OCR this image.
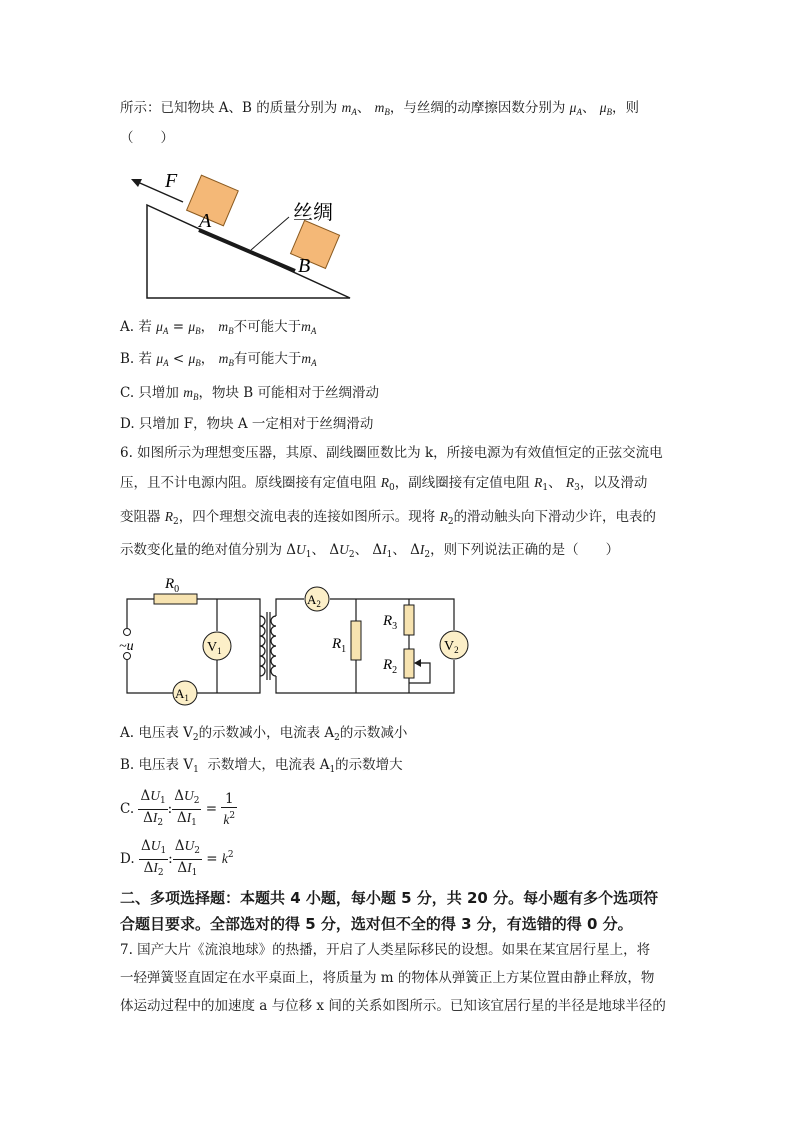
所示：已知物块 A、B 的质量分别为 $m_A$、 $m_B$，与丝绸的动摩擦因数分别为 $\mu_A$、 $\mu_B$，则
（　　）
F
A
B
丝绸
A. 若 $\mu_A = \mu_B$， $m_B$不可能大于$m_A$
B. 若 $\mu_A < \mu_B$， $m_B$有可能大于$m_A$
C. 只增加 $m_B$，物块 B 可能相对于丝绸滑动
D. 只增加 F，物块 A 一定相对于丝绸滑动
6. 如图所示为理想变压器，其原、副线圈匝数比为 k，所接电源为有效值恒定的正弦交流电
压，且不计电源内阻。原线圈接有定值电阻 $R_0$，副线圈接有定值电阻 $R_1$、 $R_3$，以及滑动
变阻器 $R_2$，四个理想交流电表的连接如图所示。现将 $R_2$的滑动触头向下滑动少许，电表的
示数变化量的绝对值分别为 $\Delta U_1$、 $\Delta U_2$、 $\Delta I_1$、 $\Delta I_2$，则下列说法正确的是（　　）
$R_0$
~u	$V_1$
$A_1$
$A_2$
$R_1$
$R_3$
$R_2$
$V_2$
A. 电压表 $V_2$的示数减小，电流表 $A_2$的示数减小
B. 电压表 $V_1$ 示数增大，电流表 $A_1$的示数增大
C. $\frac{\Delta U_1}{\Delta I_2}$ : $\frac{\Delta U_2}{\Delta I_1} = \frac{1}{k^2}$
D. $\frac{\Delta U_1}{\Delta I_2}$ : $\frac{\Delta U_2}{\Delta I_1} = k^2$
二、多项选择题：本题共 4 小题，每小题 5 分，共 20 分。每小题有多个选项符
合题目要求。全部选对的得 5 分，选对但不全的得 3 分，有选错的得 0 分。
7. 国产大片《流浪地球》的热播，开启了人类星际移民的设想。如果在某宜居行星上，将
一轻弹簧竖直固定在水平桌面上，将质量为 m 的物体从弹簧正上方某位置由静止释放，物
体运动过程中的加速度 a 与位移 x 间的关系如图所示。已知该宜居行星的半径是地球半径的
